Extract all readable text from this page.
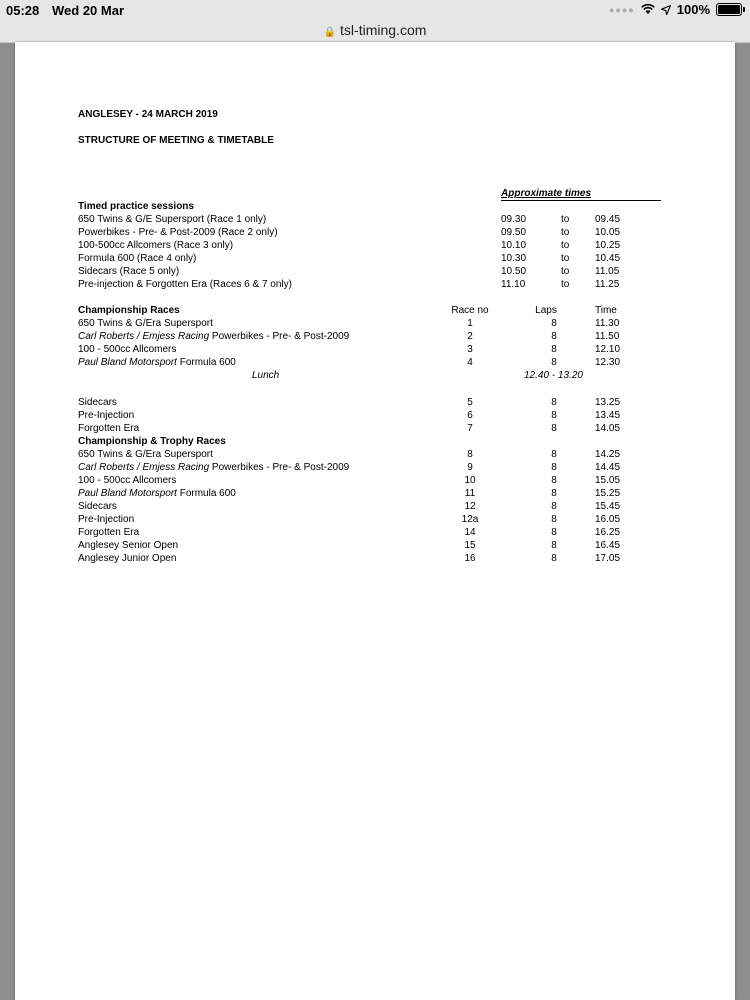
05:28 Wed 20 Mar	●●●●	100%
🔒 tsl-timing.com
ANGLESEY - 24 MARCH 2019
STRUCTURE OF MEETING & TIMETABLE
Approximate times
Timed practice sessions
650 Twins & G/E Supersport (Race 1 only)	09.30	to	09.45
Powerbikes - Pre- & Post-2009 (Race 2 only)	09.50	to	10.05
100-500cc Allcomers (Race 3 only)	10.10	to	10.25
Formula 600 (Race 4 only)	10.30	to	10.45
Sidecars (Race 5 only)	10.50	to	11.05
Pre-injection & Forgotten Era (Races 6 & 7 only)	11.10	to	11.25
Championship Races	Race no	Laps	Time
650 Twins & G/Era Supersport	1	8	11.30
Carl Roberts / Emjess Racing Powerbikes - Pre- & Post-2009	2	8	11.50
100 - 500cc Allcomers	3	8	12.10
Paul Bland Motorsport Formula 600	4	8	12.30
Lunch	12.40 - 13.20
Sidecars	5	8	13.25
Pre-Injection	6	8	13.45
Forgotten Era	7	8	14.05
Championship & Trophy Races
650 Twins & G/Era Supersport	8	8	14.25
Carl Roberts / Emjess Racing Powerbikes - Pre- & Post-2009	9	8	14.45
100 - 500cc Allcomers	10	8	15.05
Paul Bland Motorsport Formula 600	11	8	15.25
Sidecars	12	8	15.45
Pre-Injection	12a	8	16.05
Forgotten Era	14	8	16.25
Anglesey Senior Open	15	8	16.45
Anglesey Junior Open	16	8	17.05
